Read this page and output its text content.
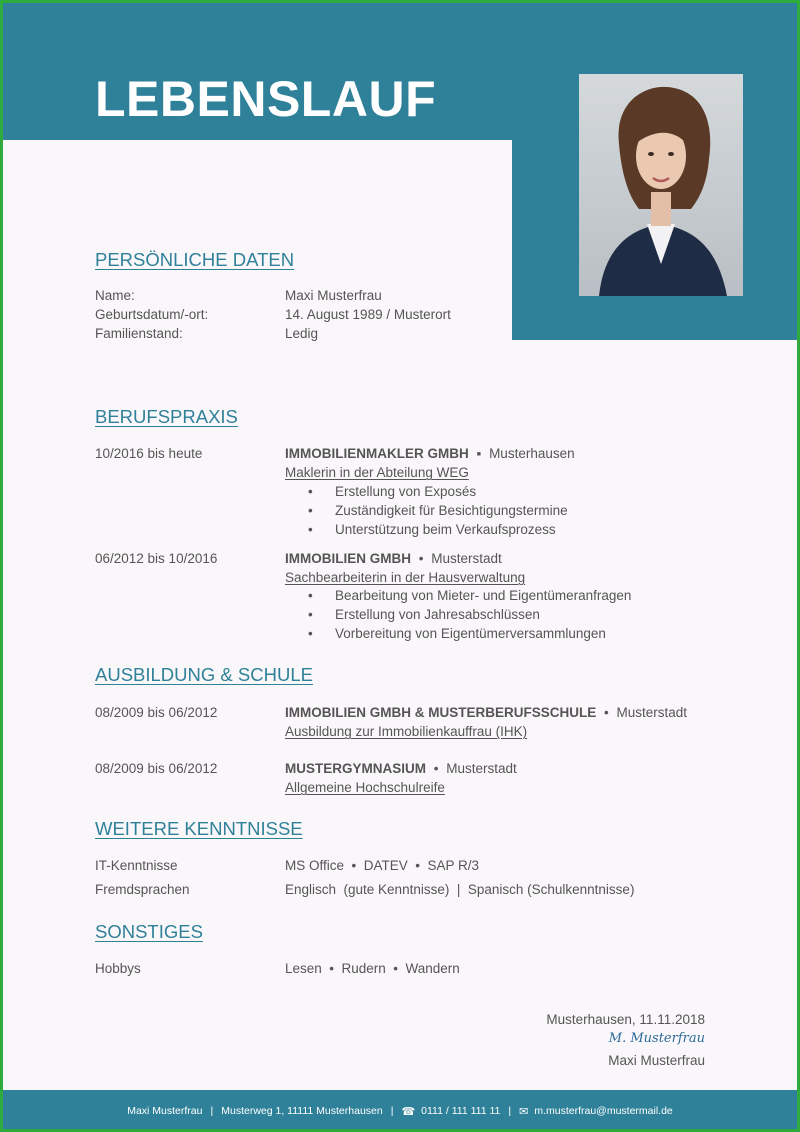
LEBENSLAUF
PERSÖNLICHE DATEN
Name:	Maxi Musterfrau
Geburtsdatum/-ort:	14. August 1989 / Musterort
Familienstand:	Ledig
BERUFSPRAXIS
10/2016 bis heute	IMMOBILIENMAKLER GMBH ▪ Musterhausen
Maklerin in der Abteilung WEG
• Erstellung von Exposés
• Zuständigkeit für Besichtigungstermine
• Unterstützung beim Verkaufsprozess
06/2012 bis 10/2016	IMMOBILIEN GMBH • Musterstadt
Sachbearbeiterin in der Hausverwaltung
• Bearbeitung von Mieter- und Eigentümeranfragen
• Erstellung von Jahresabschlüssen
• Vorbereitung von Eigentümerversammlungen
AUSBILDUNG & SCHULE
08/2009 bis 06/2012	IMMOBILIEN GMBH & MUSTERBERUFSSCHULE • Musterstadt
Ausbildung zur Immobilienkauffrau (IHK)
08/2009 bis 06/2012	MUSTERGYMNASIUM • Musterstadt
Allgemeine Hochschulreife
WEITERE KENNTNISSE
IT-Kenntnisse	MS Office  •  DATEV  •  SAP R/3
Fremdsprachen	Englisch  (gute Kenntnisse)  |  Spanisch (Schulkenntnisse)
SONSTIGES
Hobbys	Lesen  •  Rudern  •  Wandern
Musterhausen, 11.11.2018
M. Musterfrau
Maxi Musterfrau
Maxi Musterfrau | Musterweg 1, 11111 Musterhausen | ☎ 0111 / 111 111 11 | ✉ m.musterfrau@mustermail.de
